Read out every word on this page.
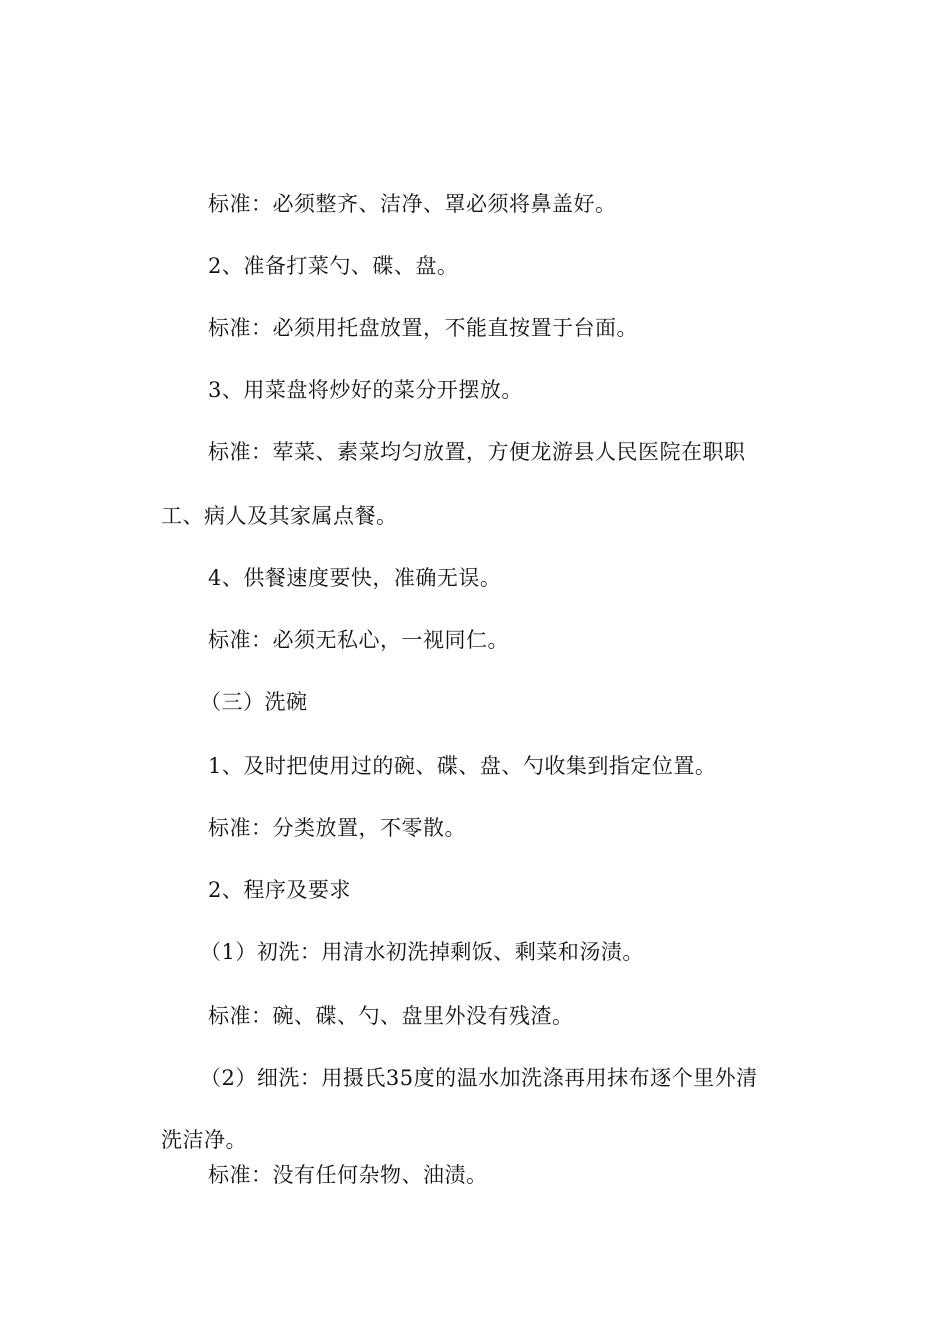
标准：必须整齐、洁净、罩必须将鼻盖好。
2、准备打菜勺、碟、盘。
标准：必须用托盘放置，不能直按置于台面。
3、用菜盘将炒好的菜分开摆放。
标准：荤菜、素菜均匀放置，方便龙游县人民医院在职职
工、病人及其家属点餐。
4、供餐速度要快，准确无误。
标准：必须无私心，一视同仁。
（三）洗碗
1、及时把使用过的碗、碟、盘、勺收集到指定位置。
标准：分类放置，不零散。
2、程序及要求
（1）初洗：用清水初洗掉剩饭、剩菜和汤渍。
标准：碗、碟、勺、盘里外没有残渣。
（2）细洗：用摄氏35度的温水加洗涤再用抹布逐个里外清
洗洁净。
标准：没有任何杂物、油渍。
